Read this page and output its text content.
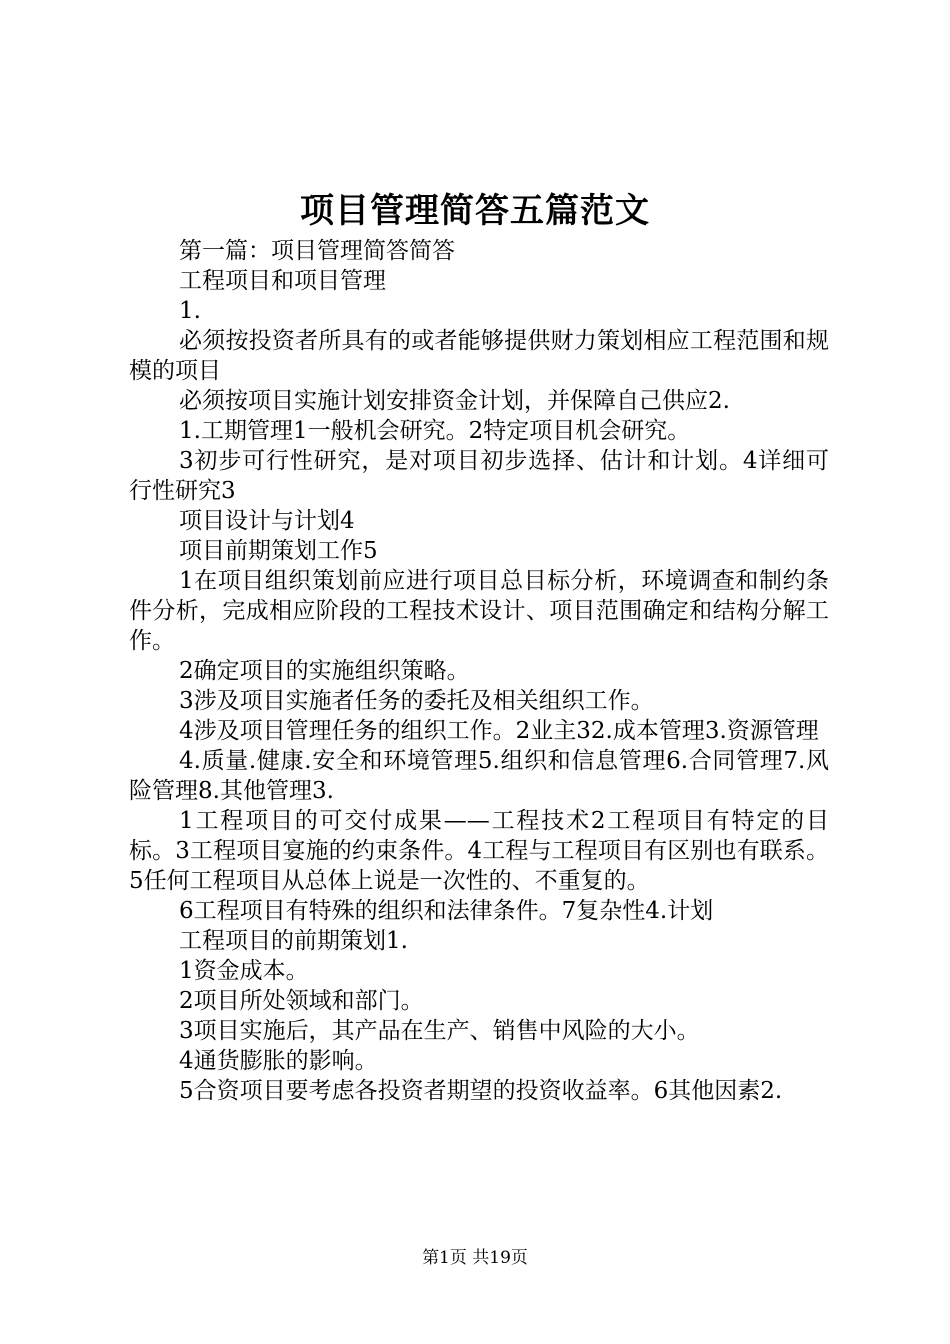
项目管理简答五篇范文

第一篇：项目管理简答简答

工程项目和项目管理

1.

必须按投资者所具有的或者能够提供财力策划相应工程范围和规模的项目

必须按项目实施计划安排资金计划，并保障自己供应2.

1.工期管理1一般机会研究。2特定项目机会研究。

3初步可行性研究，是对项目初步选择、估计和计划。4详细可行性研究3

项目设计与计划4

项目前期策划工作5

1在项目组织策划前应进行项目总目标分析，环境调查和制约条件分析，完成相应阶段的工程技术设计、项目范围确定和结构分解工作。

2确定项目的实施组织策略。

3涉及项目实施者任务的委托及相关组织工作。

4涉及项目管理任务的组织工作。2业主32.成本管理3.资源管理

4.质量.健康.安全和环境管理5.组织和信息管理6.合同管理7.风险管理8.其他管理3.

1工程项目的可交付成果——工程技术2工程项目有特定的目标。3工程项目宴施的约束条件。4工程与工程项目有区别也有联系。5任何工程项目从总体上说是一次性的、不重复的。

6工程项目有特殊的组织和法律条件。7复杂性4.计划

工程项目的前期策划1.

1资金成本。

2项目所处领域和部门。

3项目实施后，其产品在生产、销售中风险的大小。

4通货膨胀的影响。

5合资项目要考虑各投资者期望的投资收益率。6其他因素2.

第1页 共19页
